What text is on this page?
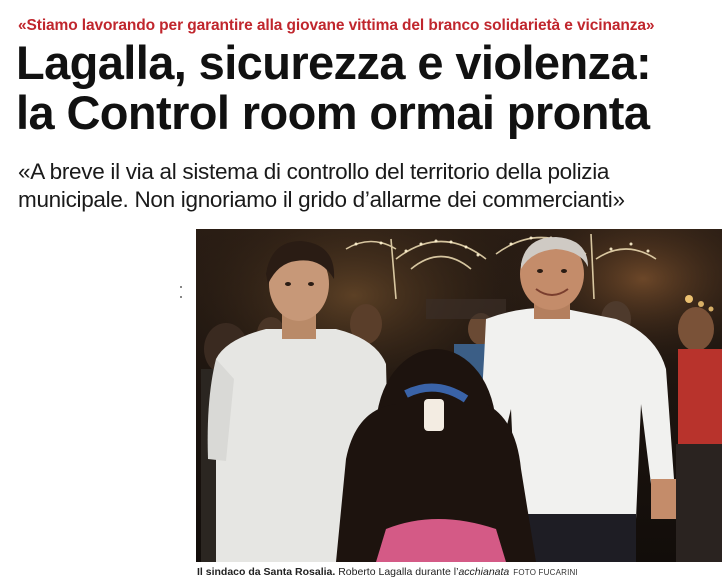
«Stiamo lavorando per garantire alla giovane vittima del branco solidarietà e vicinanza»
Lagalla, sicurezza e violenza:
la Control room ormai pronta
«A breve il via al sistema di controllo del territorio della polizia
municipale. Non ignoriamo il grido d’allarme dei commercianti»
Il sindaco da Santa Rosalia. Roberto Lagalla durante l’acchianata FOTO FUCARINI
